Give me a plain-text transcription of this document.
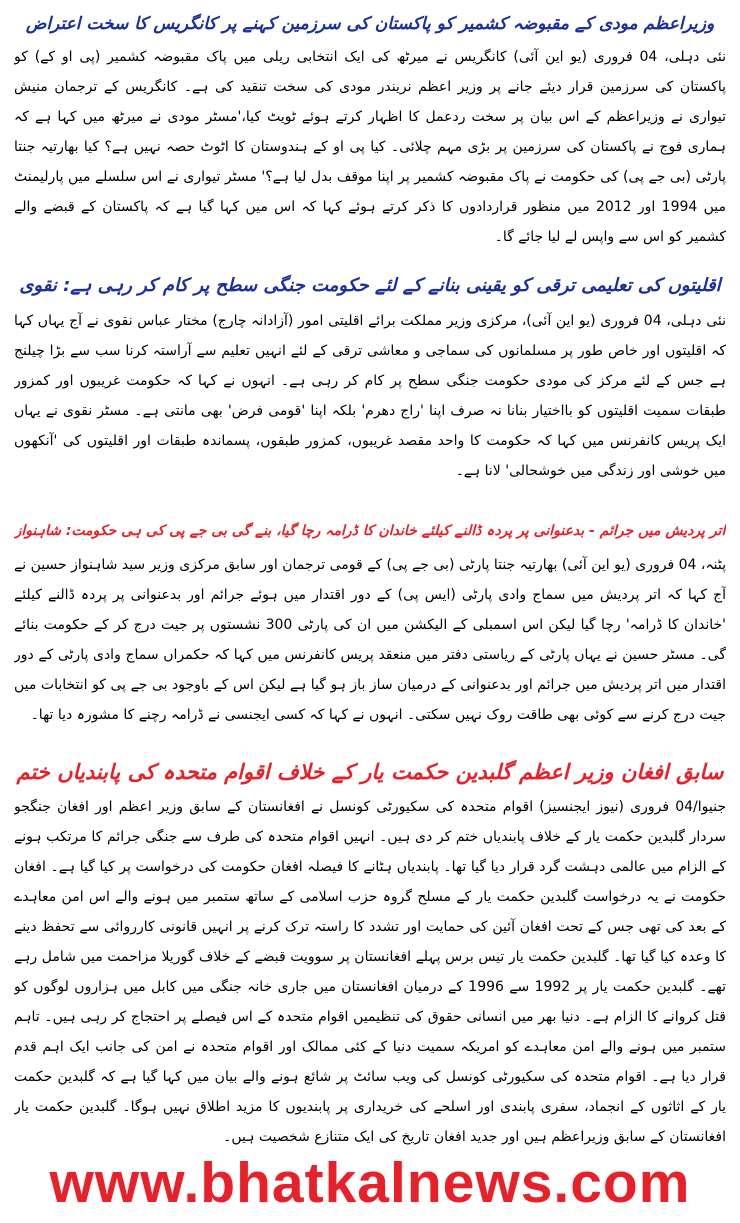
وزیراعظم مودی کے مقبوضہ کشمیر کو پاکستان کی سرزمین کہنے پر کانگریس کا سخت اعتراض

نئی دہلی، 04 فروری (یو این آئی) کانگریس نے میرٹھ کی ایک انتخابی ریلی میں پاک مقبوضہ کشمیر (پی او کے) کو پاکستان کی سرزمین قرار دیئے جانے پر وزیر اعظم نریندر مودی کی سخت تنقید کی ہے۔ کانگریس کے ترجمان منیش تیواری نے وزیراعظم کے اس بیان پر سخت ردعمل کا اظہار کرتے ہوئے ٹویٹ کیا،'مسٹر مودی نے میرٹھ میں کہا ہے کہ ہماری فوج نے پاکستان کی سرزمین پر بڑی مہم چلائی۔ کیا پی او کے ہندوستان کا اٹوٹ حصہ نہیں ہے؟ کیا بھارتیہ جنتا پارٹی (بی جے پی) کی حکومت نے پاک مقبوضہ کشمیر پر اپنا موقف بدل لیا ہے؟' مسٹر تیواری نے اس سلسلے میں پارلیمنٹ میں 1994 اور 2012 میں منظور قراردادوں کا ذکر کرتے ہوئے کہا کہ اس میں کہا گیا ہے کہ پاکستان کے قبضے والے کشمیر کو اس سے واپس لے لیا جائے گا۔

اقلیتوں کی تعلیمی ترقی کو یقینی بنانے کے لئے حکومت جنگی سطح پر کام کر رہی ہے: نقوی

نئی دہلی، 04 فروری (یو این آئی)، مرکزی وزیر مملکت برائے اقلیتی امور (آزادانہ چارج) مختار عباس نقوی نے آج یہاں کہا کہ اقلیتوں اور خاص طور پر مسلمانوں کی سماجی و معاشی ترقی کے لئے انہیں تعلیم سے آراستہ کرنا سب سے بڑا چیلنج ہے جس کے لئے مرکز کی مودی حکومت جنگی سطح پر کام کر رہی ہے۔ انہوں نے کہا کہ حکومت غریبوں اور کمزور طبقات سمیت اقلیتوں کو بااختیار بنانا نہ صرف اپنا 'راج دھرم' بلکہ اپنا 'قومی فرض' بھی مانتی ہے۔ مسٹر نقوی نے یہاں ایک پریس کانفرنس میں کہا کہ حکومت کا واحد مقصد غریبوں، کمزور طبقوں، پسماندہ طبقات اور اقلیتوں کی 'آنکھوں میں خوشی اور زندگی میں خوشحالی' لانا ہے۔

اتر پردیش میں جرائم - بدعنوانی پر پردہ ڈالنے کیلئے خاندان کا ڈرامہ رچا گیا، بنے گی بی جے پی کی ہی حکومت: شاہنواز

پٹنہ، 04 فروری (یو این آئی) بھارتیہ جنتا پارٹی (بی جے پی) کے قومی ترجمان اور سابق مرکزی وزیر سید شاہنواز حسین نے آج کہا کہ اتر پردیش میں سماج وادی پارٹی (ایس پی) کے دور اقتدار میں ہوئے جرائم اور بدعنوانی پر پردہ ڈالنے کیلئے 'خاندان کا ڈرامہ' رچا گیا لیکن اس اسمبلی کے الیکشن میں ان کی پارٹی 300 نشستوں پر جیت درج کر کے حکومت بنائے گی۔ مسٹر حسین نے یہاں پارٹی کے ریاستی دفتر میں منعقد پریس کانفرنس میں کہا کہ حکمراں سماج وادی پارٹی کے دور اقتدار میں اتر پردیش میں جرائم اور بدعنوانی کے درمیان ساز باز ہو گیا ہے لیکن اس کے باوجود بی جے پی کو انتخابات میں جیت درج کرنے سے کوئی بھی طاقت روک نہیں سکتی۔ انہوں نے کہا کہ کسی ایجنسی نے ڈرامہ رچنے کا مشورہ دیا تھا۔

سابق افغان وزیر اعظم گلبدین حکمت یار کے خلاف اقوام متحدہ کی پابندیاں ختم

جنیوا/04 فروری (نیوز ایجنسیز) اقوام متحدہ کی سکیورٹی کونسل نے افغانستان کے سابق وزیر اعظم اور افغان جنگجو سردار گلبدین حکمت یار کے خلاف پابندیاں ختم کر دی ہیں۔ انہیں اقوام متحدہ کی طرف سے جنگی جرائم کا مرتکب ہونے کے الزام میں عالمی دہشت گرد قرار دیا گیا تھا۔ پابندیاں ہٹانے کا فیصلہ افغان حکومت کی درخواست پر کیا گیا ہے۔ افغان حکومت نے یہ درخواست گلبدین حکمت یار کے مسلح گروہ حزب اسلامی کے ساتھ ستمبر میں ہونے والے اس امن معاہدے کے بعد کی تھی جس کے تحت افغان آئین کی حمایت اور تشدد کا راستہ ترک کرنے پر انہیں قانونی کارروائی سے تحفظ دینے کا وعدہ کیا گیا تھا۔ گلبدین حکمت یار تیس برس پہلے افغانستان پر سوویت قبضے کے خلاف گوریلا مزاحمت میں شامل رہے تھے۔ گلبدین حکمت یار پر 1992 سے 1996 کے درمیان افغانستان میں جاری خانہ جنگی میں کابل میں ہزاروں لوگوں کو قتل کروانے کا الزام ہے۔ دنیا بھر میں انسانی حقوق کی تنظیمیں اقوام متحدہ کے اس فیصلے پر احتجاج کر رہی ہیں۔ تاہم ستمبر میں ہونے والے امن معاہدے کو امریکہ سمیت دنیا کے کئی ممالک اور اقوام متحدہ نے امن کی جانب ایک اہم قدم قرار دیا ہے۔ اقوام متحدہ کی سکیورٹی کونسل کی ویب سائٹ پر شائع ہونے والے بیان میں کہا گیا ہے کہ گلبدین حکمت یار کے اثاثوں کے انجماد، سفری پابندی اور اسلحے کی خریداری پر پابندیوں کا مزید اطلاق نہیں ہوگا۔ گلبدین حکمت یار افغانستان کے سابق وزیراعظم ہیں اور جدید افغان تاریخ کی ایک متنازع شخصیت ہیں۔

www.bhatkalnews.com
